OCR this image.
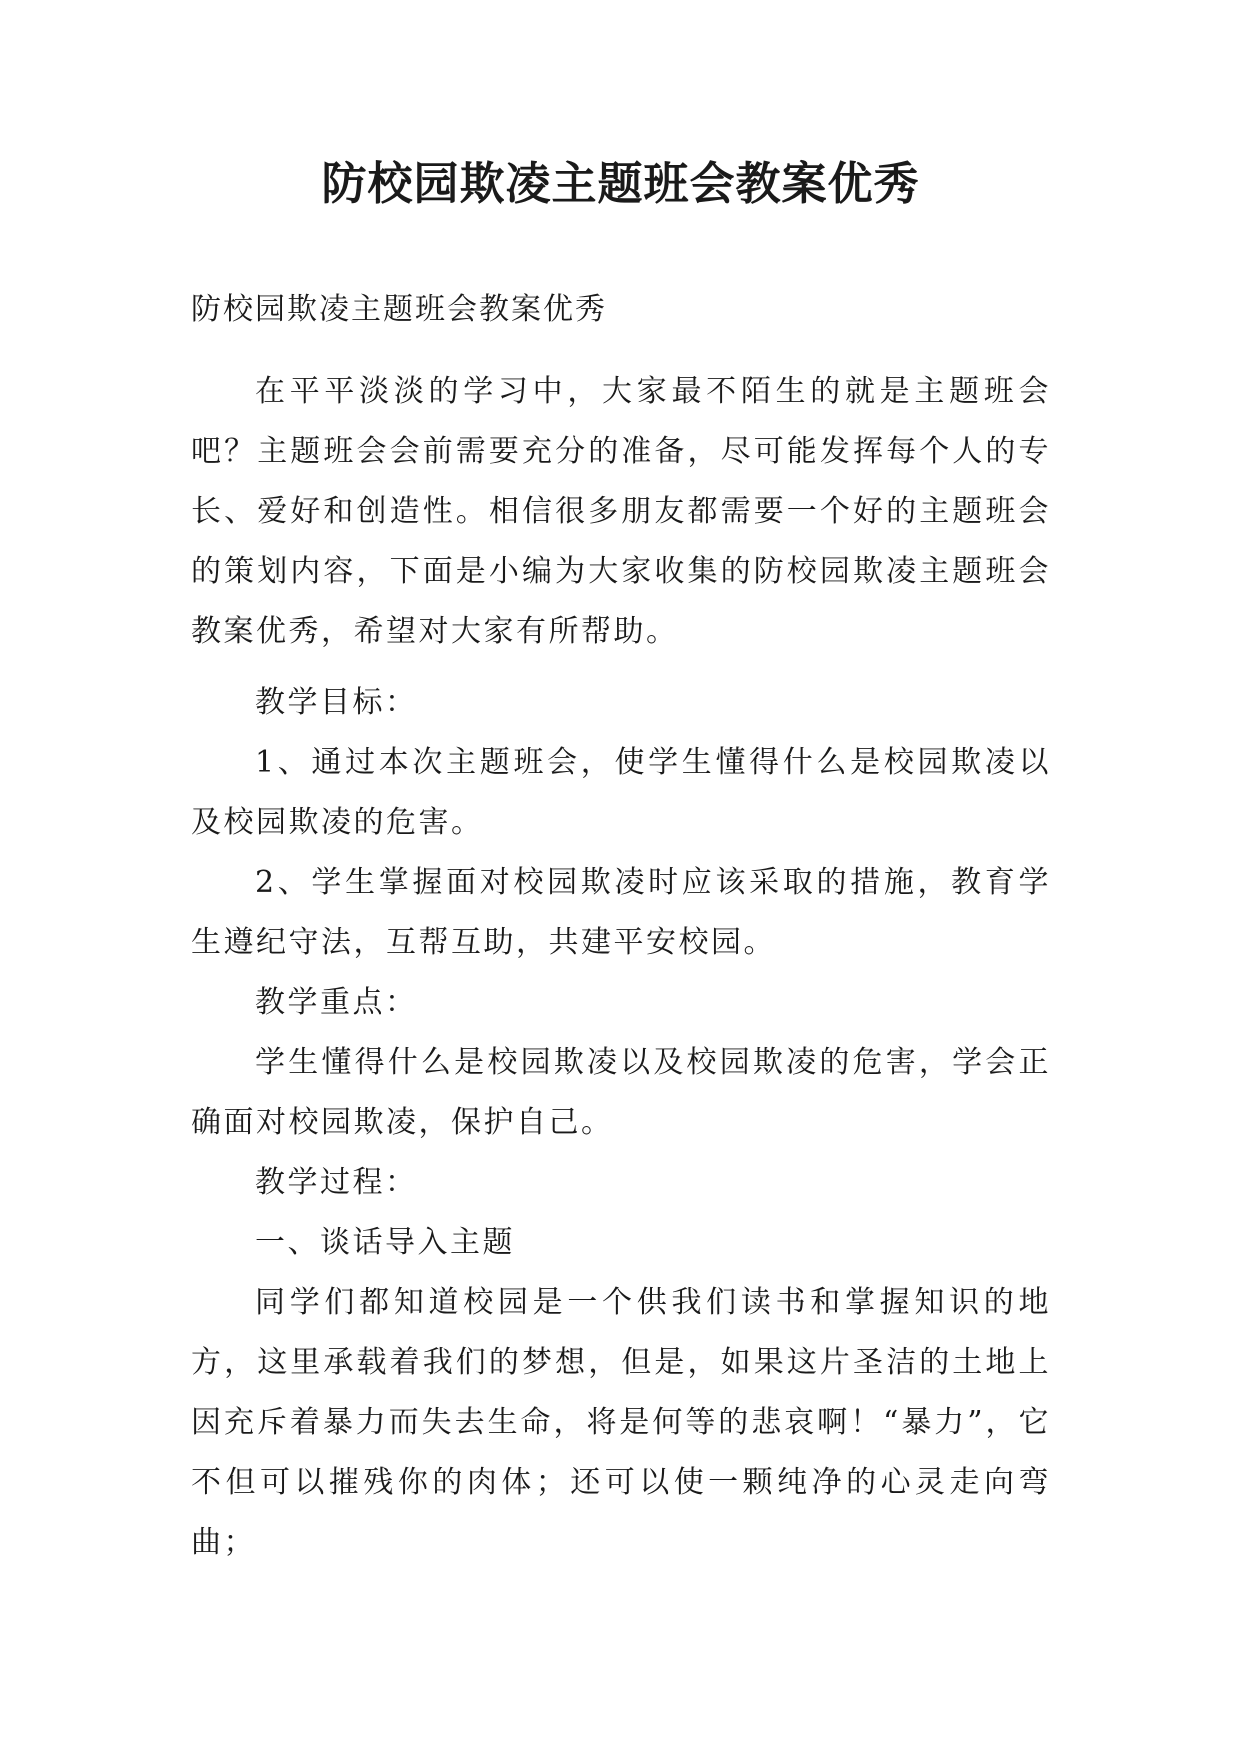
防校园欺凌主题班会教案优秀
防校园欺凌主题班会教案优秀

在平平淡淡的学习中，大家最不陌生的就是主题班会吧？主题班会会前需要充分的准备，尽可能发挥每个人的专长、爱好和创造性。相信很多朋友都需要一个好的主题班会的策划内容，下面是小编为大家收集的防校园欺凌主题班会教案优秀，希望对大家有所帮助。

教学目标：

1、通过本次主题班会，使学生懂得什么是校园欺凌以及校园欺凌的危害。

2、学生掌握面对校园欺凌时应该采取的措施，教育学生遵纪守法，互帮互助，共建平安校园。

教学重点：

学生懂得什么是校园欺凌以及校园欺凌的危害，学会正确面对校园欺凌，保护自己。

教学过程：

一、谈话导入主题

同学们都知道校园是一个供我们读书和掌握知识的地方，这里承载着我们的梦想，但是，如果这片圣洁的土地上因充斥着暴力而失去生命，将是何等的悲哀啊！“暴力”，它不但可以摧残你的肉体；还可以使一颗纯净的心灵走向弯曲；
